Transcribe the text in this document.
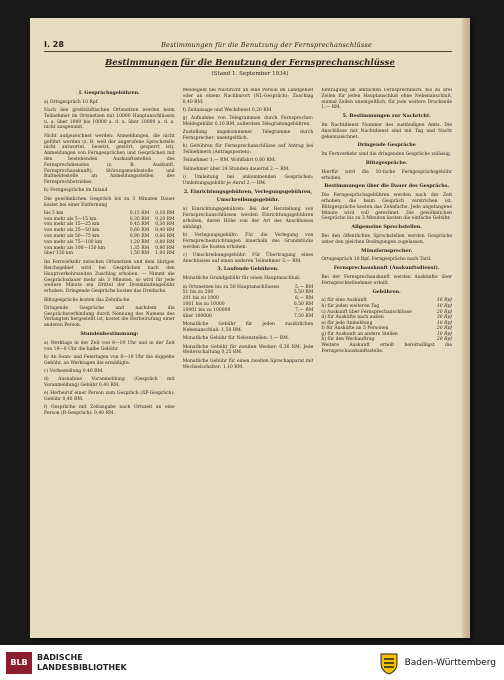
I. 28	Bestimmungen für die Benutzung der Fernsprechanschlüsse
Bestimmungen für die Benutzung der Fernsprechanschlüsse
(Stand 1. September 1934)
I. Gesprächsgebühren.
a) Ortsgespräch 10 Rpf.
Nach den großstädtischen Ortsnetzen werden beim Teilnehmer im Ortsnetzen mit 10000 Hauptanschlüssen u. a. über 1000 bis 10000 a. d. a. über 10000 a. d. a. nicht ausgenutzt.
Nicht aufgezeichnet werden: Anmeldungen, die nicht geführt werden (z. B. weil der angerufene Sprechstelle nicht antwortet, besetzt, gestört, gesperrt ist), Anmeldungen von Ferngesprächen und Gesprächen mit den bestehenden Auskunftsstellen des Fernsprechdienstes (z. B. Auskunft, Fernsprechauskunft), Störungsmeldestelle und Rufmeldestelle an Anmeldungsstellen des Fernsprechbetriebes.
b) Ferngespräche im Inland
Die gewöhnlichen Gespräch bis zu 3 Minuten Dauer kostet bei einer Entfernung
bis 5 km	0,15 RM	0,10 RM
von mehr als 5—15 km	0,30 RM	0,20 RM
von mehr als 15—25 km	0,45 RM	0,30 RM
von mehr als 25—50 km	0,60 RM	0,40 RM
von mehr als 50—75 km	0,90 RM	0,60 RM
von mehr als 75—100 km	1,20 RM	0,80 RM
von mehr als 100—150 km	1,35 RM	0,90 RM
über 150 km	1,50 RM	1,00 RM
Im Fernverkehr zwischen Ortsnetzen und dem übrigen Reichsgebiet wird bei Gesprächen nach den Hauptverkehrszeiten Zuschlag erhoben. — Nimmt die Gesprächsdauer mehr als 3 Minuten, so wird für jede weitere Minute ein Drittel der Dreiminutengebühr erhoben. Dringende Gespräche kosten das Dreifache.
Blitzgespräche kosten das Zehnfache.
Dringende Gespräche und nachdem die Gesprächsverbindung durch Nennung des Namens des Verlangten hergestellt ist, kostet die Herbeirufung einer anderen Person.
Stundenbestimmung:
a) Werktags in der Zeit von 8—19 Uhr und in der Zeit von 19—8 Uhr die halbe Gebühr.
b) An Sonn- und Feiertagen von 8—19 Uhr die doppelte Gebühr, an Werktagen die ermäßigte.
c) Vorbestellung 0,40 RM.
d) Ausnahme Voranmeldung (Gespräch mit Voranmeldung) Gebühr 0,40 RM.
e) Herbeiruf einer Person zum Gespräch (XP-Gespräch): Gebühr 0,40 RM.
f) Gespräche mit Zeitangabe nach Ortszeit an eine Person (R-Gespräch): 0,40 RM.
Meldegeld bei Nachricht an eine Person im Landgebiet oder an einem Nachbarort (NL-Gespräch): Zuschlag 0,40 RM.
f) Zeitansage und Weckdienst 0,20 RM.
g) Aufnahme von Telegrammen durch Fernsprecher: Meldegebühr 0,10 RM, außerdem Telegrammgebühren.
Zustellung angekommener Telegramme durch Fernsprecher: unentgeltlich.
h) Gebühren für Fernsprechanschlüsse auf Antrag bei Teilnehmern (Antragsposten):
Teilnehmer 1,— RM. Wohlfahrt 0,60 RM.
Teilnehmer über 24 Stunden dauernd 2,— RM.
i) Umleitung bei ankommenden Gesprächen: Umleitungsgebühr je Anruf 2,— RM.
2. Einrichtungsgebühren, Verlegungsgebühren,
Umschreibungsgebühr.
a) Einrichtungsgebühren: Bei der Herstellung von Fernsprechanschlüssen werden Einrichtungsgebühren erhoben, deren Höhe von der Art des Anschlusses abhängt.
b) Verlegungsgebühr: Für die Verlegung von Fernsprecheinrichtungen innerhalb des Grundstücks werden die Kosten erhoben.
c) Umschreibungsgebühr: Für Übertragung eines Anschlusses auf einen anderen Teilnehmer 3,— RM.
3. Laufende Gebühren.
Monatliche Grundgebühr für einen Hauptanschluß:
in Ortsnetzen bis zu 50 Hauptanschlüssen	5,— RM
51 bis zu 200	5,50 RM
201 bis zu 1000	6,— RM
1001 bis zu 10000	6,50 RM
10001 bis zu 100000	7,— RM
über 100000	7,50 RM
Monatliche Gebühr für jeden zusätzlichen Nebenanschluß: 1,50 RM.
Monatliche Gebühr für Nebenstellen: 1,— RM.
Monatliche Gebühr für zweiten Wecker: 0,30 RM. Jede Weiterschaltung 0,25 RM.
Monatliche Gebühr für einen zweiten Sprechapparat mit Wechselschalter: 1,10 RM.
Eintragung im amtlichen Fernsprechbuch: bis zu drei Zeilen für jeden Hauptanschluß ohne Nebenanschluß, einmal Zeilen unentgeltlich, für jede weitere Druckzeile 1,— RM.
5. Bestimmungen zur Nachricht.
Im Nachtdienst Nummer des zuständigen Amts. Die Anschlüsse mit Nachtdienst sind mit Tag und Nacht gekennzeichnet.
Dringende Gespräche
Im Fernverkehr sind die dringenden Gespräche zulässig.
Blitzgespräche.
Hierfür wird die 10-fache Ferngesprächsgebühr erhoben.
Bestimmungen über die Dauer des Gesprächs.
Die Ferngesprächsgebühren werden nach der Zeit erhoben, die beim Gespräch verstrichen ist. Blitzgespräche kosten das Zehnfache. Jede angefangene Minute wird voll gerechnet. Die gewöhnlichen Gespräche bis zu 3 Minuten kosten die einfache Gebühr.
Allgemeine Sprechstellen.
Bei den öffentlichen Sprechstellen werden Gespräche unter den gleichen Bedingungen zugelassen.
Münzfernsprecher.
Ortsgespräch 10 Rpf. Ferngespräche nach Tarif.
Fernsprechauskunft (Auskunftsdienst).
Bei der Fernsprechauskunft werden Auskünfte über Fernsprechteilnehmer erteilt.
Gebühren.
a) für eine Auskunft	10 Rpf
b) für jeden weiteren Tag	10 Rpf
c) Auskunft über Fernsprechanschlüsse	20 Rpf
d) für Ausküfte nach außen	30 Rpf
e) für jede Anmeldung	10 Rpf
f) für Ausküfte an 5 Personen	20 Rpf
g) für Auskunft an andere Stellen	10 Rpf
h) für den Weckauftrag	20 Rpf
Weitere Auskunft erteilt bereitwilligst die Fernsprechauskunftsstelle.
BLB
BADISCHE
LANDESBIBLIOTHEK	Baden-Württemberg
